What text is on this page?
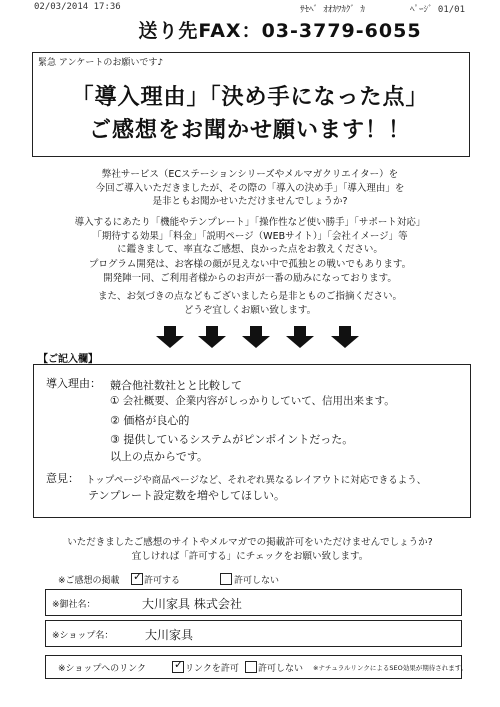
02/03/2014 17:36	ｻｾﾍﾞ ｵｵｶﾜｶｸﾞ ｶ	ﾍﾟｰｼﾞ 01/01
送り先FAX：03-3779-6055
緊急 アンケートのお願いです♪
「導入理由」「決め手になった点」
ご感想をお聞かせ願います！！
弊社サービス（ECステーションシリーズやメルマガクリエイター）を
今回ご導入いただきましたが、その際の「導入の決め手」「導入理由」を
是非ともお聞かせいただけませんでしょうか?
導入するにあたり「機能やテンプレート」「操作性など使い勝手」「サポート対応」
「期待する効果」「料金」「説明ページ（WEBサイト）」「会社イメージ」等
に鑑きまして、率直なご感想、良かった点をお教えください。
プログラム開発は、お客様の顔が見えない中で孤独との戦いでもあります。
開発陣一同、ご利用者様からのお声が一番の励みになっております。
また、お気づきの点などもございましたら是非とものご指摘ください。
どうぞ宜しくお願い致します。
【ご記入欄】
導入理由： 競合他社数社とと比較して
① 会社概要、企業内容がしっかりしていて、信用出来ます。
② 価格が良心的
③ 提供しているシステムがピンポイントだった。
以上の点からです。
意見： トップページや商品ページなど、それぞれ異なるレイアウトに対応できるよう、
テンプレート設定数を増やしてほしい。
いただきましたご感想のサイトやメルマガでの掲載許可をいただけませんでしょうか?
宜しければ「許可する」にチェックをお願い致します。
※ご感想の掲載 ✓ 許可する	許可しない
※御社名：	大川家具 株式会社
※ショップ名：	大川家具
※ショップへのリンク	✓ リンクを許可 許可しない ※ナチュラルリンクによるSEO効果が期待されます。
